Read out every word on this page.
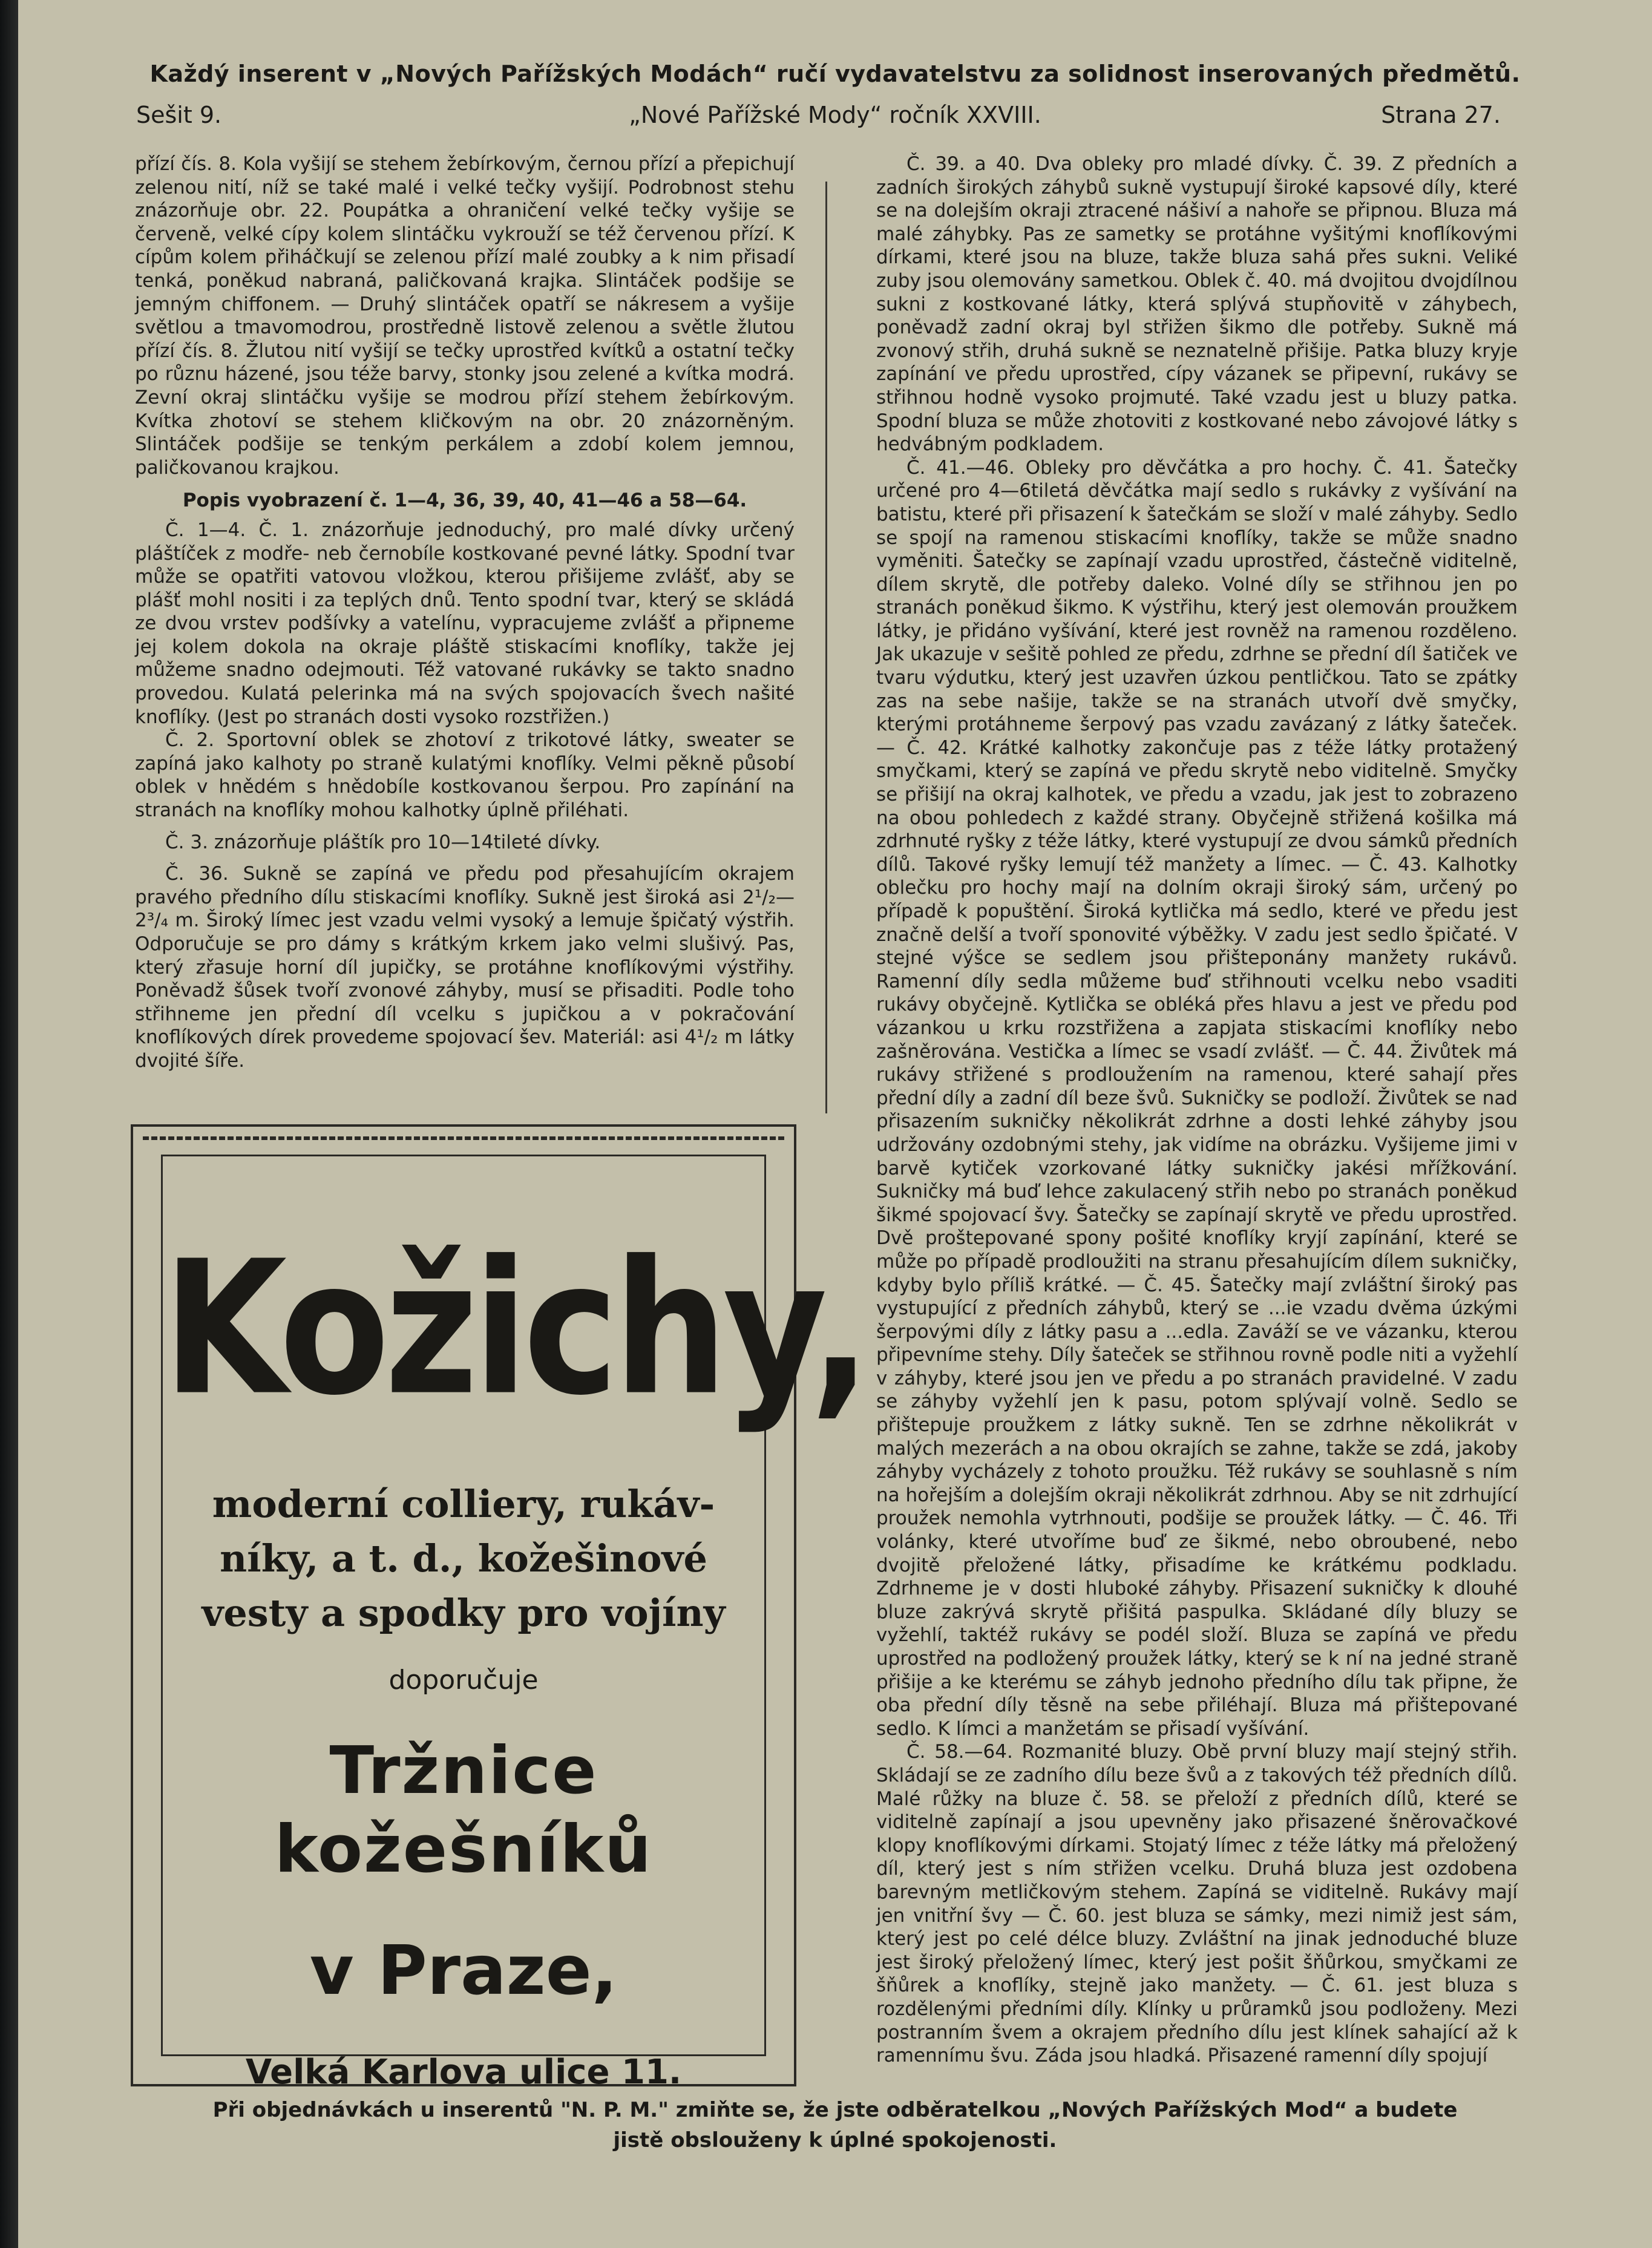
Každý inserent v „Nových Pařížských Modách“ ručí vydavatelstvu za solidnost inserovaných předmětů.
Sešit 9.	„Nové Pařížské Mody“ ročník XXVIII.	Strana 27.

přízí čís. 8. Kola vyšijí se stehem žebírkovým, černou přízí a přepichují zelenou nití, níž se také malé i velké tečky vyšijí. Podrobnost stehu znázorňuje obr. 22. Poupátka a ohraničení velké tečky vyšije se červeně, velké cípy kolem slintáčku vykrouží se též červenou přízí. K cípům kolem přiháčkují se zelenou přízí malé zoubky a k nim přisadí tenká, poněkud nabraná, paličkovaná krajka. Slintáček podšije se jemným chiffonem. — Druhý slintáček opatří se nákresem a vyšije světlou a tmavomodrou, prostředně listově zelenou a světle žlutou přízí čís. 8. Žlutou nití vyšijí se tečky uprostřed kvítků a ostatní tečky po různu házené, jsou téže barvy, stonky jsou zelené a kvítka modrá. Zevní okraj slintáčku vyšije se modrou přízí stehem žebírkovým. Kvítka zhotoví se stehem kličkovým na obr. 20 znázorněným. Slintáček podšije se tenkým perkálem a zdobí kolem jemnou, paličkovanou krajkou.

Popis vyobrazení č. 1—4, 36, 39, 40, 41—46 a 58—64.

Č. 1—4. Č. 1. znázorňuje jednoduchý, pro malé dívky určený pláštíček z modře- neb černobíle kostkované pevné látky. Spodní tvar může se opatřiti vatovou vložkou, kterou přišijeme zvlášť, aby se plášť mohl nositi i za teplých dnů. Tento spodní tvar, který se skládá ze dvou vrstev podšívky a vatelínu, vypracujeme zvlášť a připneme jej kolem dokola na okraje pláště stiskacími knoflíky, takže jej můžeme snadno odejmouti. Též vatované rukávky se takto snadno provedou. Kulatá pelerinka má na svých spojovacích švech našité knoflíky. (Jest po stranách dosti vysoko rozstřižen.)

Č. 2. Sportovní oblek se zhotoví z trikotové látky, sweater se zapíná jako kalhoty po straně kulatými knoflíky. Velmi pěkně působí oblek v hnědém s hnědobíle kostkovanou šerpou. Pro zapínání na stranách na knoflíky mohou kalhotky úplně přiléhati.

Č. 3. znázorňuje pláštík pro 10—14tileté dívky.

Č. 36. Sukně se zapíná ve předu pod přesahujícím okrajem pravého předního dílu stiskacími knoflíky. Sukně jest široká asi 2¹/₂—2³/₄ m. Široký límec jest vzadu velmi vysoký a lemuje špičatý výstřih. Odporučuje se pro dámy s krátkým krkem jako velmi slušivý. Pas, který zřasuje horní díl jupičky, se protáhne knoflíkovými výstřihy. Poněvadž šůsek tvoří zvonové záhyby, musí se přisaditi. Podle toho střihneme jen přední díl vcelku s jupičkou a v pokračování knoflíkových dírek provedeme spojovací šev. Materiál: asi 4¹/₂ m látky dvojité šíře.

Č. 39. a 40. Dva obleky pro mladé dívky. Č. 39. Z předních a zadních širokých záhybů sukně vystupují široké kapsové díly, které se na dolejším okraji ztracené nášiví a nahoře se připnou. Bluza má malé záhybky. Pas ze sametky se protáhne vyšitými knoflíkovými dírkami, které jsou na bluze, takže bluza sahá přes sukni. Veliké zuby jsou olemovány sametkou. Oblek č. 40. má dvojitou dvojdílnou sukni z kostkované látky, která splývá stupňovitě v záhybech, poněvadž zadní okraj byl střižen šikmo dle potřeby. Sukně má zvonový střih, druhá sukně se neznatelně přišije. Patka bluzy kryje zapínání ve předu uprostřed, cípy vázanek se připevní, rukávy se střihnou hodně vysoko projmuté. Také vzadu jest u bluzy patka. Spodní bluza se může zhotoviti z kostkované nebo závojové látky s hedvábným podkladem.

Č. 41.—46. Obleky pro děvčátka a pro hochy. Č. 41. Šatečky určené pro 4—6tiletá děvčátka mají sedlo s rukávky z vyšívání na batistu, které při přisazení k šatečkám se složí v malé záhyby. Sedlo se spojí na ramenou stiskacími knoflíky, takže se může snadno vyměniti. Šatečky se zapínají vzadu uprostřed, částečně viditelně, dílem skrytě, dle potřeby daleko. Volné díly se střihnou jen po stranách poněkud šikmo. K výstřihu, který jest olemován proužkem látky, je přidáno vyšívání, které jest rovněž na ramenou rozděleno. Jak ukazuje v sešitě pohled ze předu, zdrhne se přední díl šatiček ve tvaru výdutku, který jest uzavřen úzkou pentličkou. Tato se zpátky zas na sebe našije, takže se na stranách utvoří dvě smyčky, kterými protáhneme šerpový pas vzadu zavázaný z látky šateček. — Č. 42. Krátké kalhotky zakončuje pas z téže látky protažený smyčkami, který se zapíná ve předu skrytě nebo viditelně. Smyčky se přišijí na okraj kalhotek, ve předu a vzadu, jak jest to zobrazeno na obou pohledech z každé strany. Obyčejně střižená košilka má zdrhnuté ryšky z téže látky, které vystupují ze dvou sámků předních dílů. Takové ryšky lemují též manžety a límec. — Č. 43. Kalhotky oblečku pro hochy mají na dolním okraji široký sám, určený po případě k popuštění. Široká kytlička má sedlo, které ve předu jest značně delší a tvoří sponovité výběžky. V zadu jest sedlo špičaté. V stejné výšce se sedlem jsou přišteponány manžety rukávů. Ramenní díly sedla můžeme buď střihnouti vcelku nebo vsaditi rukávy obyčejně. Kytlička se obléká přes hlavu a jest ve předu pod vázankou u krku rozstřižena a zapjata stiskacími knoflíky nebo zašněrována. Vestička a límec se vsadí zvlášť. — Č. 44. Živůtek má rukávy střižené s prodloužením na ramenou, které sahají přes přední díly a zadní díl beze švů. Sukničky se podloží. Živůtek se nad přisazením sukničky několikrát zdrhne a dosti lehké záhyby jsou udržovány ozdobnými stehy, jak vidíme na obrázku. Vyšijeme jimi v barvě kytiček vzorkované látky sukničky jakési mřížkování. Sukničky má buď lehce zakulacený střih nebo po stranách poněkud šikmé spojovací švy. Šatečky se zapínají skrytě ve předu uprostřed. Dvě proštepované spony pošité knoflíky kryjí zapínání, které se může po případě prodloužiti na stranu přesahujícím dílem sukničky, kdyby bylo příliš krátké. — Č. 45. Šatečky mají zvláštní široký pas vystupující z předních záhybů, který se ...ie vzadu dvěma úzkými šerpovými díly z látky pasu a ...edla. Zaváží se ve vázanku, kterou připevníme stehy. Díly šateček se střihnou rovně podle niti a vyžehlí v záhyby, které jsou jen ve předu a po stranách pravidelné. V zadu se záhyby vyžehlí jen k pasu, potom splývají volně. Sedlo se přištepuje proužkem z látky sukně. Ten se zdrhne několikrát v malých mezerách a na obou okrajích se zahne, takže se zdá, jakoby záhyby vycházely z tohoto proužku. Též rukávy se souhlasně s ním na hořejším a dolejším okraji několikrát zdrhnou. Aby se nit zdrhující proužek nemohla vytrhnouti, podšije se proužek látky. — Č. 46. Tři volánky, které utvoříme buď ze šikmé, nebo obroubené, nebo dvojitě přeložené látky, přisadíme ke krátkému podkladu. Zdrhneme je v dosti hluboké záhyby. Přisazení sukničky k dlouhé bluze zakrývá skrytě přišitá paspulka. Skládané díly bluzy se vyžehlí, taktéž rukávy se podél složí. Bluza se zapíná ve předu uprostřed na podložený proužek látky, který se k ní na jedné straně přišije a ke kterému se záhyb jednoho předního dílu tak připne, že oba přední díly těsně na sebe přiléhají. Bluza má přištepované sedlo. K límci a manžetám se přisadí vyšívání.

Č. 58.—64. Rozmanité bluzy. Obě první bluzy mají stejný střih. Skládají se ze zadního dílu beze švů a z takových též předních dílů. Malé růžky na bluze č. 58. se přeloží z předních dílů, které se viditelně zapínají a jsou upevněny jako přisazené šněrovačkové klopy knoflíkovými dírkami. Stojatý límec z téže látky má přeložený díl, který jest s ním střižen vcelku. Druhá bluza jest ozdobena barevným metličkovým stehem. Zapíná se viditelně. Rukávy mají jen vnitřní švy — Č. 60. jest bluza se sámky, mezi nimiž jest sám, který jest po celé délce bluzy. Zvláštní na jinak jednoduché bluze jest široký přeložený límec, který jest pošit šňůrkou, smyčkami ze šňůrek a knoflíky, stejně jako manžety. — Č. 61. jest bluza s rozdělenými předními díly. Klínky u průramků jsou podloženy. Mezi postranním švem a okrajem předního dílu jest klínek sahající až k ramennímu švu. Záda jsou hladká. Přisazené ramenní díly spojují

Kožichy,
moderní colliery, rukáv-
níky, a t. d., kožešinové
vesty a spodky pro vojíny
doporučuje
Tržnice kožešníků
v Praze,
Velká Karlova ulice 11.
Při objednávkách u inserentů "N. P. M." zmiňte se, že jste odběratelkou „Nových Pařížských Mod“ a budete
jistě obslouženy k úplné spokojenosti.
